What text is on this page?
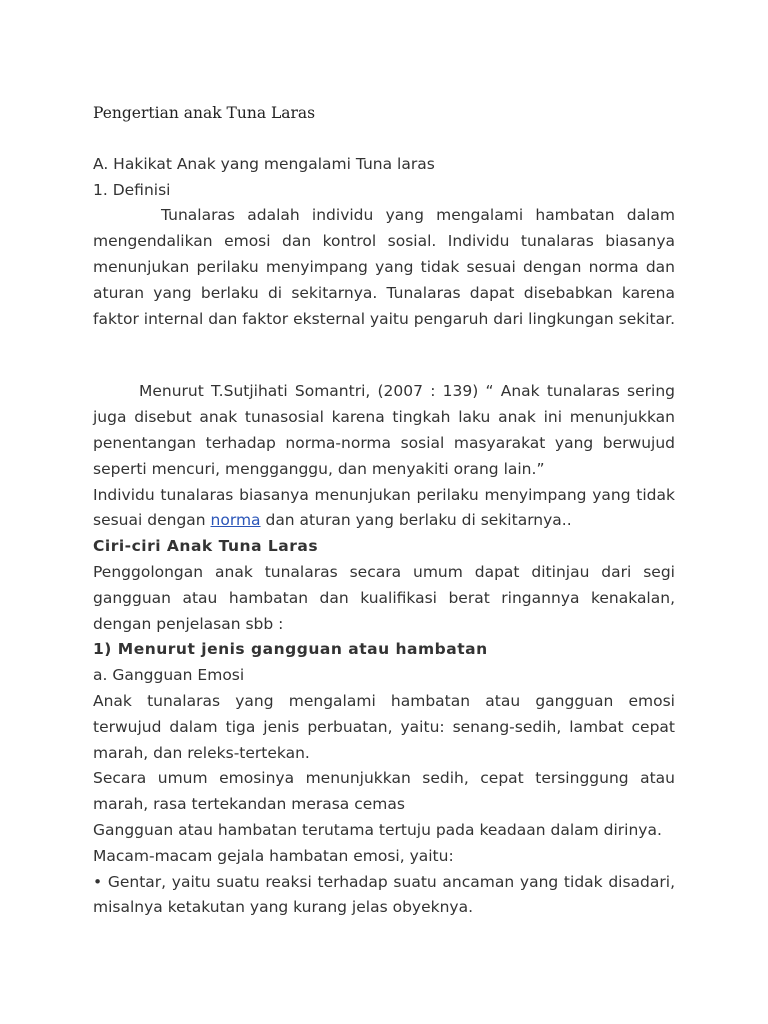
Pengertian anak Tuna Laras

A. Hakikat Anak yang mengalami Tuna laras

1. Definisi

Tunalaras adalah individu yang mengalami hambatan dalam mengendalikan emosi dan kontrol sosial. Individu tunalaras biasanya menunjukan perilaku menyimpang yang tidak sesuai dengan norma dan aturan yang berlaku di sekitarnya. Tunalaras dapat disebabkan karena faktor internal dan faktor eksternal yaitu pengaruh dari lingkungan sekitar.

Menurut T.Sutjihati Somantri, (2007 : 139) “ Anak tunalaras sering juga disebut anak tunasosial karena tingkah laku anak ini menunjukkan penentangan terhadap norma-norma sosial masyarakat yang berwujud seperti mencuri, mengganggu, dan menyakiti orang lain.”

Individu tunalaras biasanya menunjukan perilaku menyimpang yang tidak sesuai dengan norma dan aturan yang berlaku di sekitarnya..

Ciri-ciri Anak Tuna Laras

Penggolongan anak tunalaras secara umum dapat ditinjau dari segi gangguan atau hambatan dan kualifikasi berat ringannya kenakalan, dengan penjelasan sbb :

1) Menurut jenis gangguan atau hambatan

a. Gangguan Emosi

Anak tunalaras yang mengalami hambatan atau gangguan emosi terwujud dalam tiga jenis perbuatan, yaitu: senang-sedih, lambat cepat marah, dan releks-tertekan.

Secara umum emosinya menunjukkan sedih, cepat tersinggung atau marah, rasa tertekandan merasa cemas

Gangguan atau hambatan terutama tertuju pada keadaan dalam dirinya.

Macam-macam gejala hambatan emosi, yaitu:

• Gentar, yaitu suatu reaksi terhadap suatu ancaman yang tidak disadari, misalnya ketakutan yang kurang jelas obyeknya.
